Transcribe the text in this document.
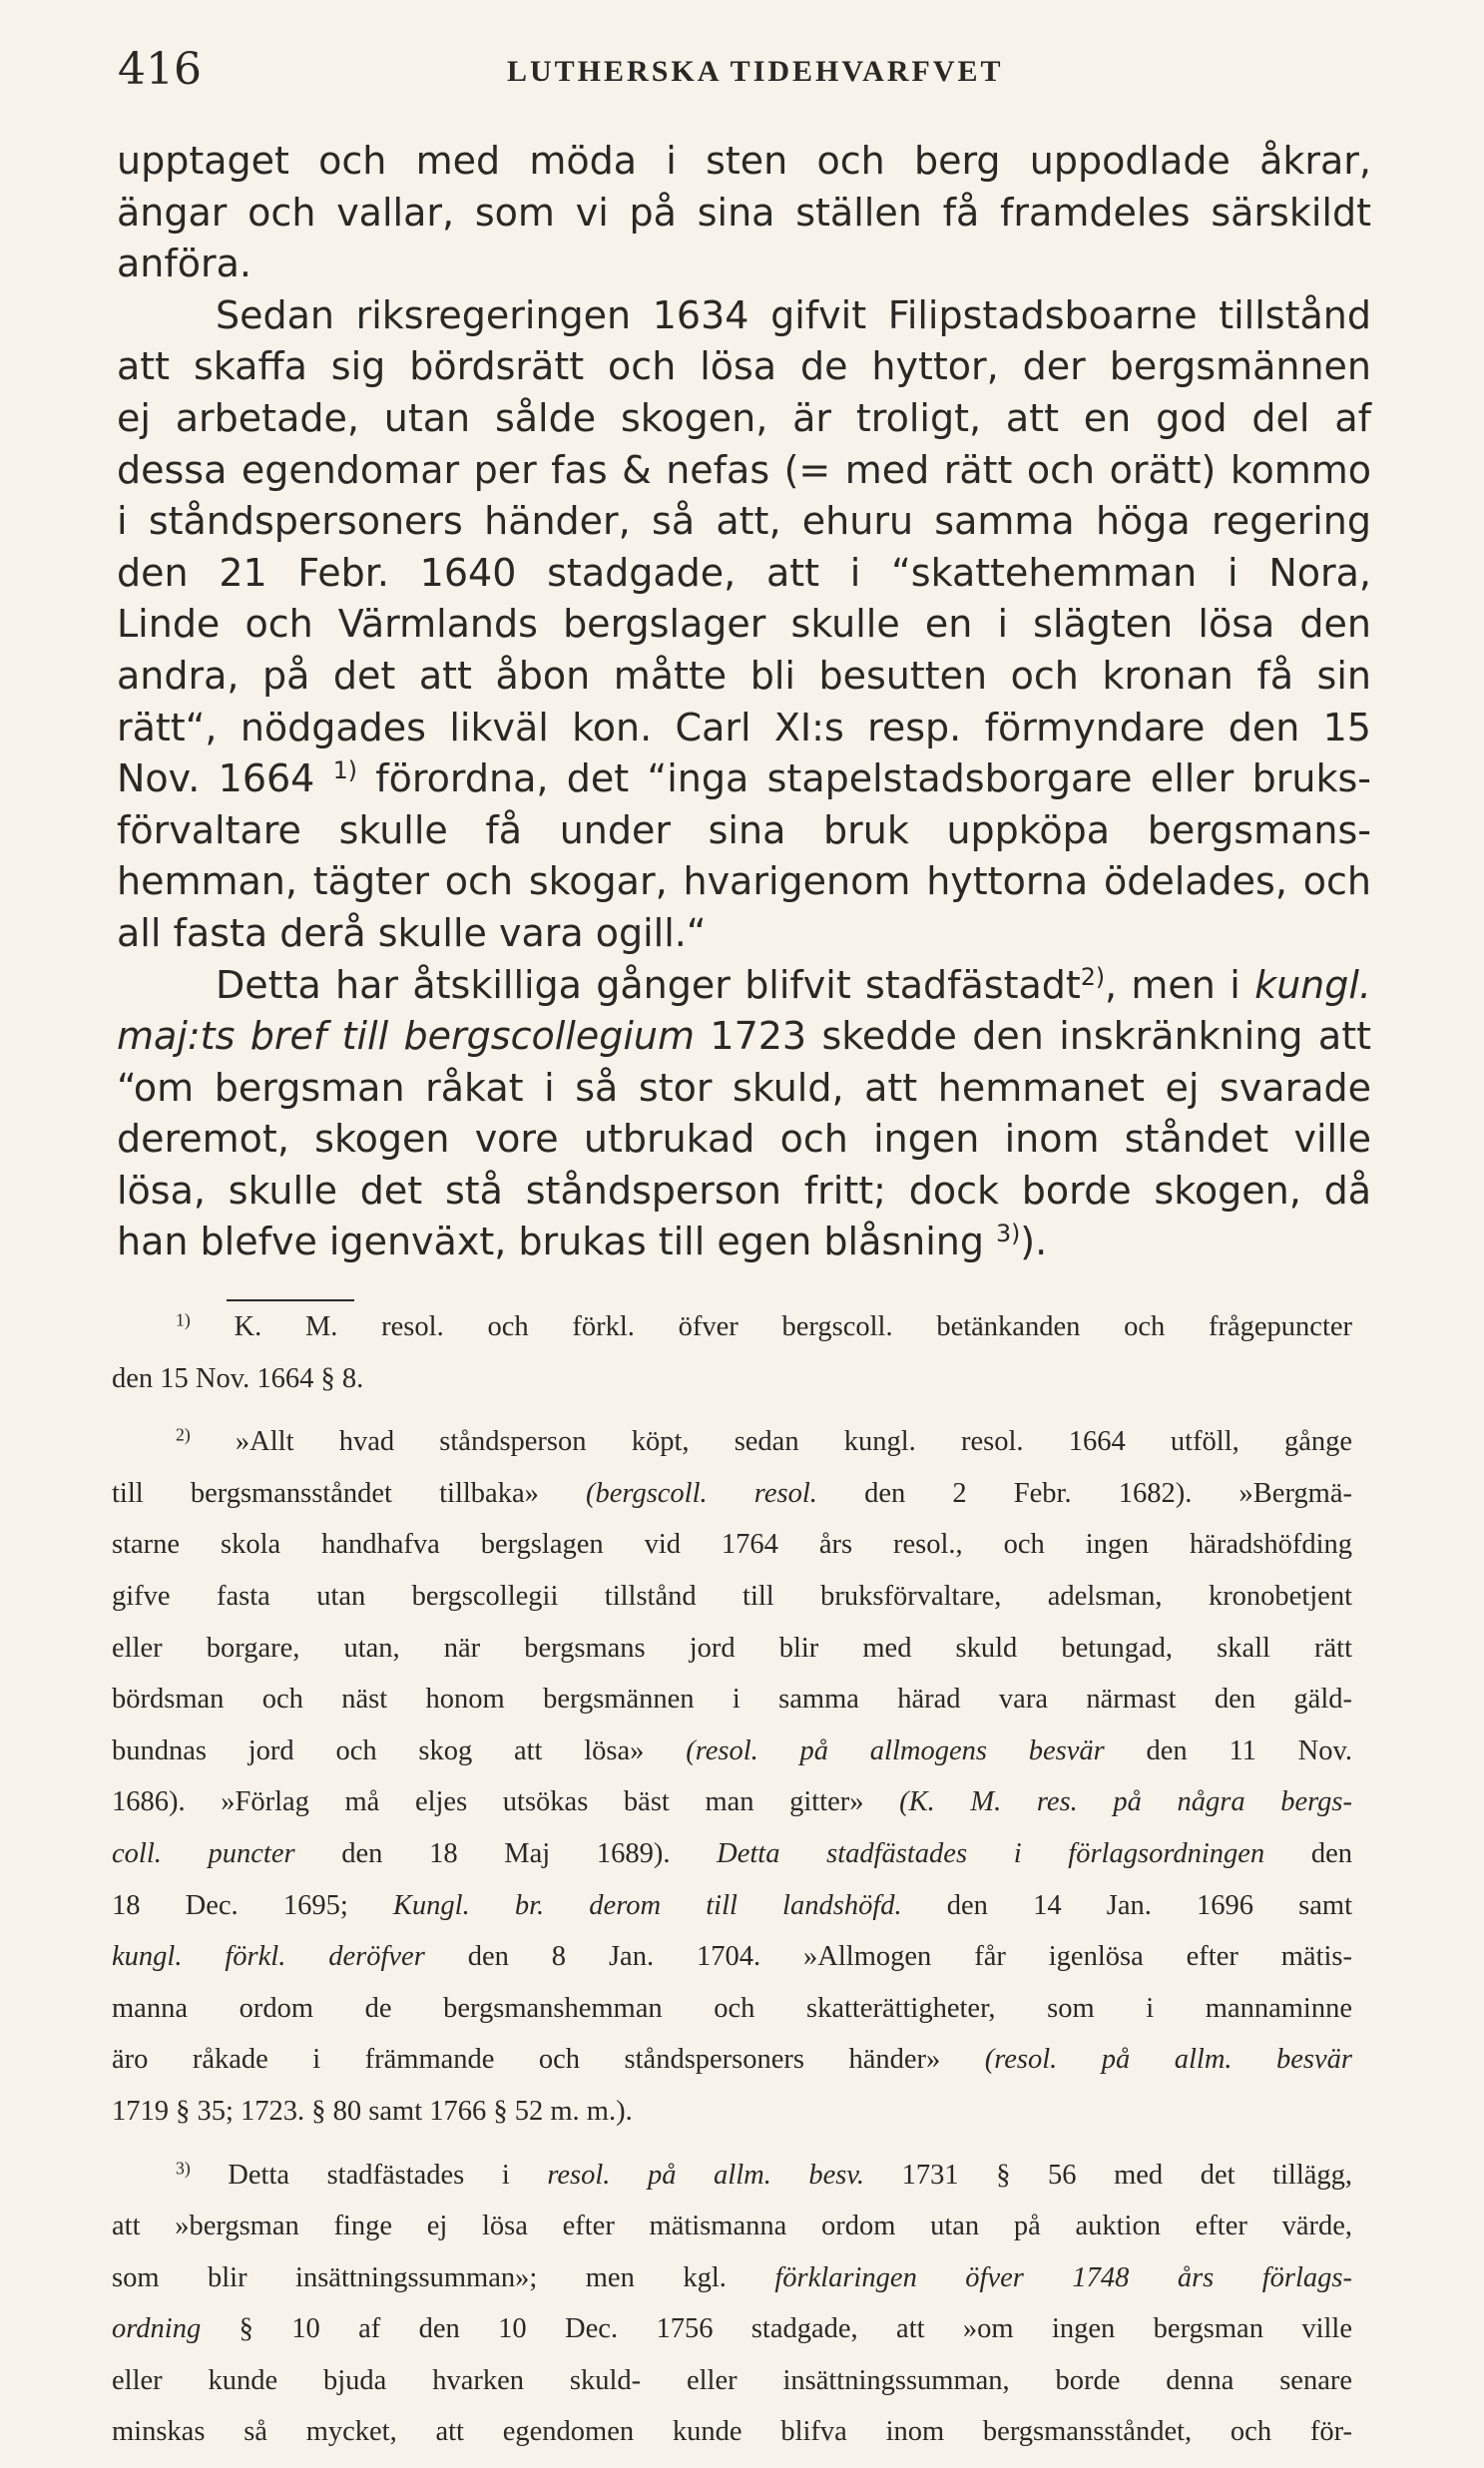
416	LUTHERSKA TIDEHVARFVET
upptaget och med möda i sten och berg uppodlade åkrar,
ängar och vallar, som vi på sina ställen få framdeles särskildt
anföra.
Sedan riksregeringen 1634 gifvit Filipstadsboarne tillstånd
att skaffa sig bördsrätt och lösa de hyttor, der bergsmännen
ej arbetade, utan sålde skogen, är troligt, att en god del af
dessa egendomar per fas & nefas (= med rätt och orätt) kommo
i ståndspersoners händer, så att, ehuru samma höga regering
den 21 Febr. 1640 stadgade, att i “skattehemman i Nora,
Linde och Värmlands bergslager skulle en i slägten lösa den
andra, på det att åbon måtte bli besutten och kronan få sin
rätt“, nödgades likväl kon. Carl XI:s resp. förmyndare den 15
Nov. 1664 $^{1)}$ förordna, det “inga stapelstadsborgare eller bruks-
förvaltare skulle få under sina bruk uppköpa bergsmans-
hemman, tägter och skogar, hvarigenom hyttorna ödelades, och
all fasta derå skulle vara ogill.“
Detta har åtskilliga gånger blifvit stadfästadt$^{2)}$, men i kungl.
maj:ts bref till bergscollegium 1723 skedde den inskränkning att
“om bergsman råkat i så stor skuld, att hemmanet ej svarade
deremot, skogen vore utbrukad och ingen inom ståndet ville
lösa, skulle det stå ståndsperson fritt; dock borde skogen, då
han blefve igenväxt, brukas till egen blåsning $^{3)}$).
$^{1)}$ K. M. resol. och förkl. öfver bergscoll. betänkanden och frågepuncter
den 15 Nov. 1664 § 8.
$^{2)}$ »Allt hvad ståndsperson köpt, sedan kungl. resol. 1664 utföll, gånge
till bergsmansståndet tillbaka» (bergscoll. resol. den 2 Febr. 1682). »Bergmä-
starne skola handhafva bergslagen vid 1764 års resol., och ingen häradshöfding
gifve fasta utan bergscollegii tillstånd till bruksförvaltare, adelsman, kronobetjent
eller borgare, utan, när bergsmans jord blir med skuld betungad, skall rätt
bördsman och näst honom bergsmännen i samma härad vara närmast den gäld-
bundnas jord och skog att lösa» (resol. på allmogens besvär den 11 Nov.
1686). »Förlag må eljes utsökas bäst man gitter» (K. M. res. på några bergs-
coll. puncter den 18 Maj 1689). Detta stadfästades i förlagsordningen den
18 Dec. 1695; Kungl. br. derom till landshöfd. den 14 Jan. 1696 samt
kungl. förkl. deröfver den 8 Jan. 1704. »Allmogen får igenlösa efter mätis-
manna ordom de bergsmanshemman och skatterättigheter, som i mannaminne
äro råkade i främmande och ståndspersoners händer» (resol. på allm. besvär
1719 § 35; 1723. § 80 samt 1766 § 52 m. m.).
$^{3)}$ Detta stadfästades i resol. på allm. besv. 1731 § 56 med det tillägg,
att »bergsman finge ej lösa efter mätismanna ordom utan på auktion efter värde,
som blir insättningssumman»; men kgl. förklaringen öfver 1748 års förlags-
ordning § 10 af den 10 Dec. 1756 stadgade, att »om ingen bergsman ville
eller kunde bjuda hvarken skuld- eller insättningssumman, borde denna senare
minskas så mycket, att egendomen kunde blifva inom bergsmansståndet, och för-
